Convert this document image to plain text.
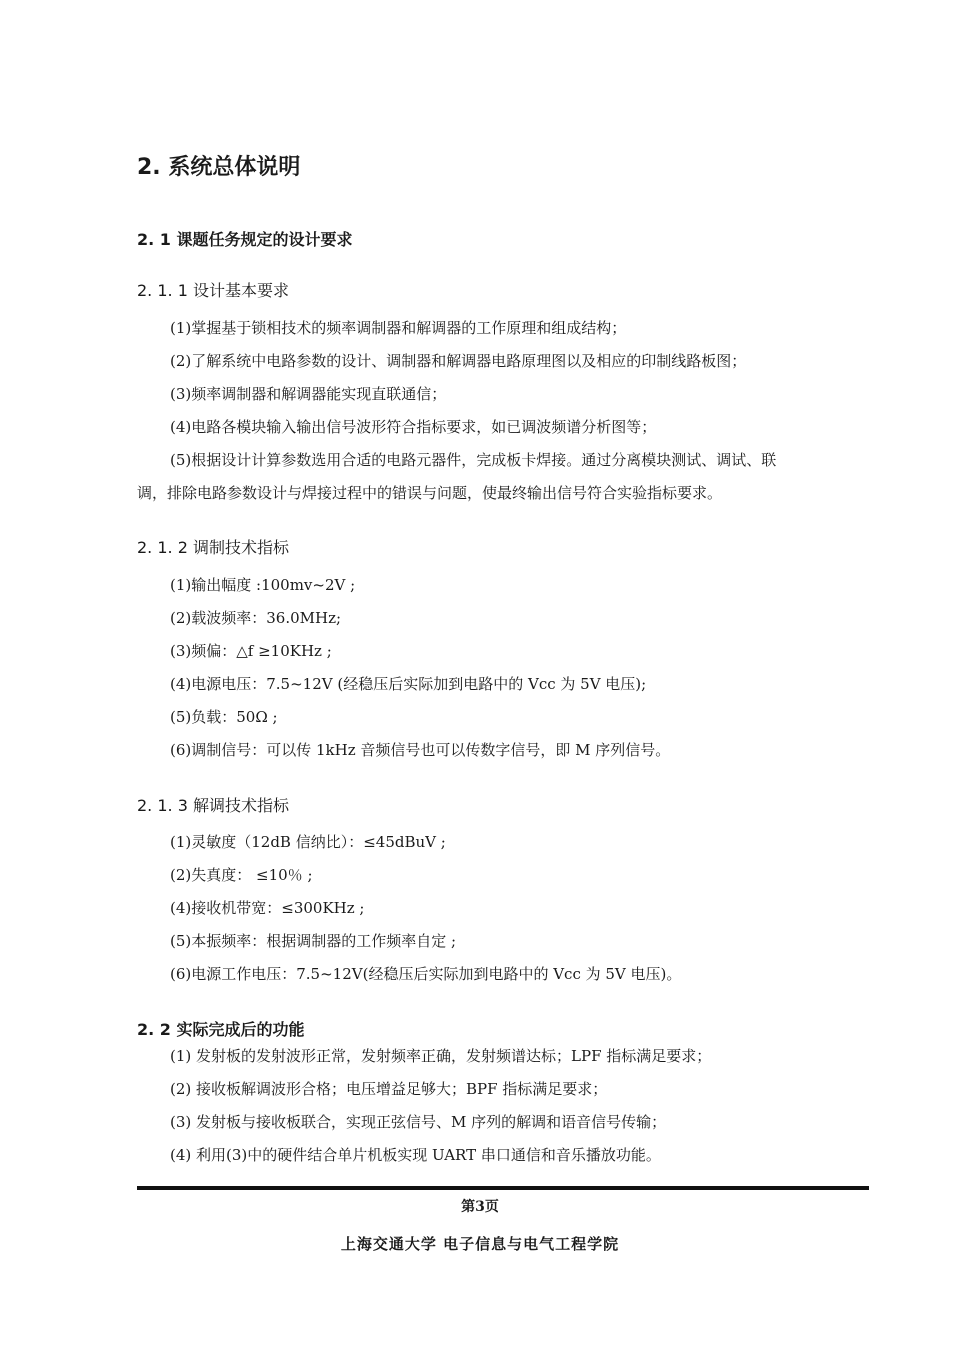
2. 系统总体说明
2. 1 课题任务规定的设计要求
2. 1. 1 设计基本要求
(1)掌握基于锁相技术的频率调制器和解调器的工作原理和组成结构；
(2)了解系统中电路参数的设计、调制器和解调器电路原理图以及相应的印制线路板图；
(3)频率调制器和解调器能实现直联通信；
(4)电路各模块输入输出信号波形符合指标要求，如已调波频谱分析图等；
(5)根据设计计算参数选用合适的电路元器件，完成板卡焊接。通过分离模块测试、调试、联
调，排除电路参数设计与焊接过程中的错误与问题，使最终输出信号符合实验指标要求。
2. 1. 2 调制技术指标
(1)输出幅度 :100mv~2V ;
(2)载波频率：36.0MHz;
(3)频偏：△f ≥10KHz ;
(4)电源电压：7.5~12V (经稳压后实际加到电路中的 Vcc 为 5V 电压);
(5)负载：50Ω ;
(6)调制信号：可以传 1kHz 音频信号也可以传数字信号，即 M 序列信号。
2. 1. 3 解调技术指标
(1)灵敏度（12dB 信纳比）：≤45dBuV ;
(2)失真度： ≤10％ ;
(4)接收机带宽：≤300KHz ;
(5)本振频率：根据调制器的工作频率自定 ;
(6)电源工作电压：7.5~12V(经稳压后实际加到电路中的 Vcc 为 5V 电压)。
2. 2 实际完成后的功能
(1) 发射板的发射波形正常，发射频率正确，发射频谱达标；LPF 指标满足要求；
(2) 接收板解调波形合格；电压增益足够大；BPF 指标满足要求；
(3) 发射板与接收板联合，实现正弦信号、M 序列的解调和语音信号传输；
(4) 利用(3)中的硬件结合单片机板实现 UART 串口通信和音乐播放功能。
第3页
上海交通大学 电子信息与电气工程学院
